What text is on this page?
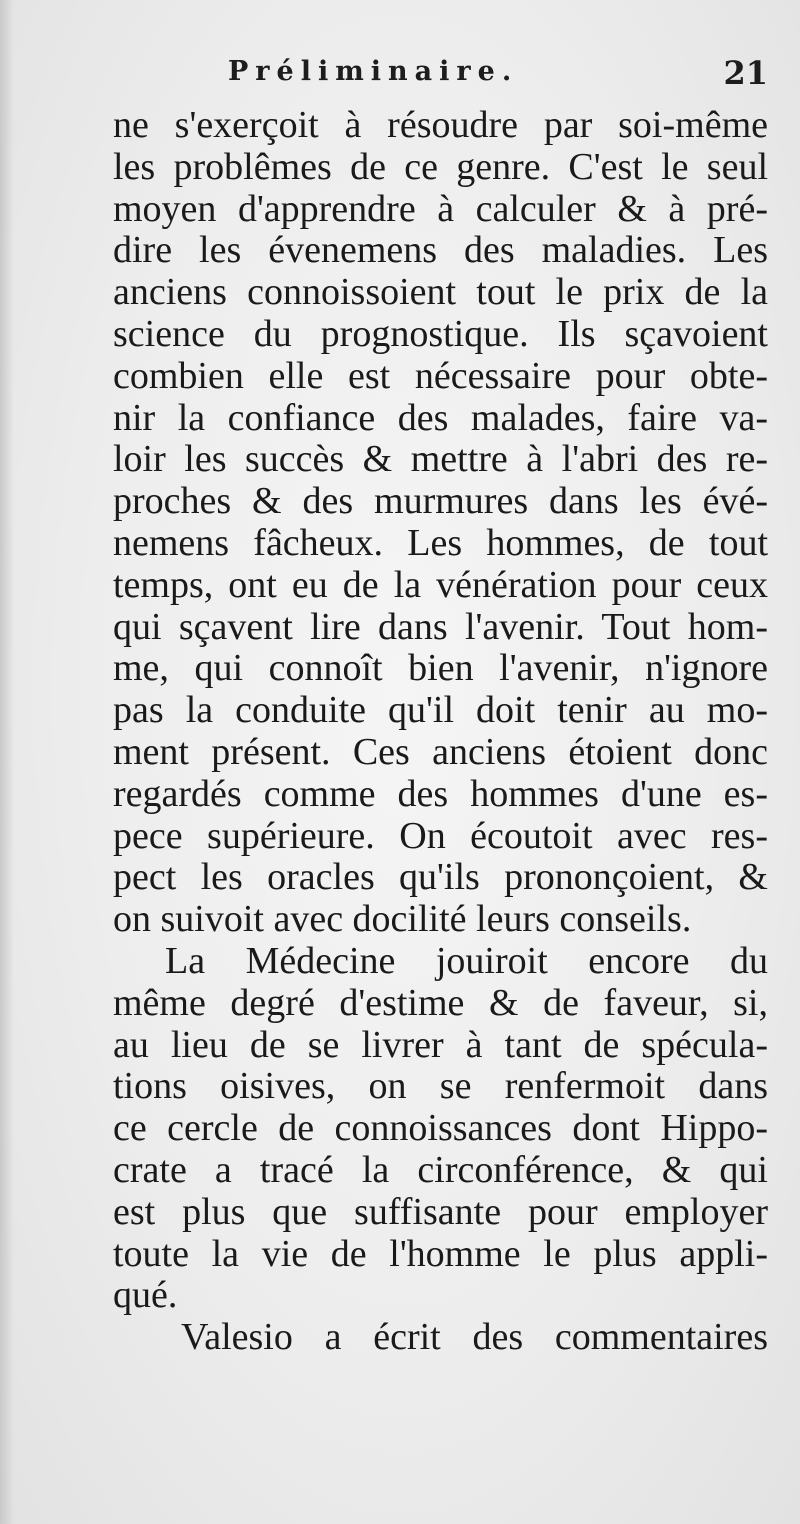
Préliminaire.	21
ne s'exerçoit à résoudre par soi-même
les problêmes de ce genre. C'est le seul
moyen d'apprendre à calculer & à pré-
dire les évenemens des maladies. Les
anciens connoissoient tout le prix de la
science du prognostique. Ils sçavoient
combien elle est nécessaire pour obte-
nir la confiance des malades, faire va-
loir les succès & mettre à l'abri des re-
proches & des murmures dans les évé-
nemens fâcheux. Les hommes, de tout
temps, ont eu de la vénération pour ceux
qui sçavent lire dans l'avenir. Tout hom-
me, qui connoît bien l'avenir, n'ignore
pas la conduite qu'il doit tenir au mo-
ment présent. Ces anciens étoient donc
regardés comme des hommes d'une es-
pece supérieure. On écoutoit avec res-
pect les oracles qu'ils prononçoient, &
on suivoit avec docilité leurs conseils.
La Médecine jouiroit encore du
même degré d'estime & de faveur, si,
au lieu de se livrer à tant de spécula-
tions oisives, on se renfermoit dans
ce cercle de connoissances dont Hippo-
crate a tracé la circonférence, & qui
est plus que suffisante pour employer
toute la vie de l'homme le plus appli-
qué.
Valesio a écrit des commentaires
